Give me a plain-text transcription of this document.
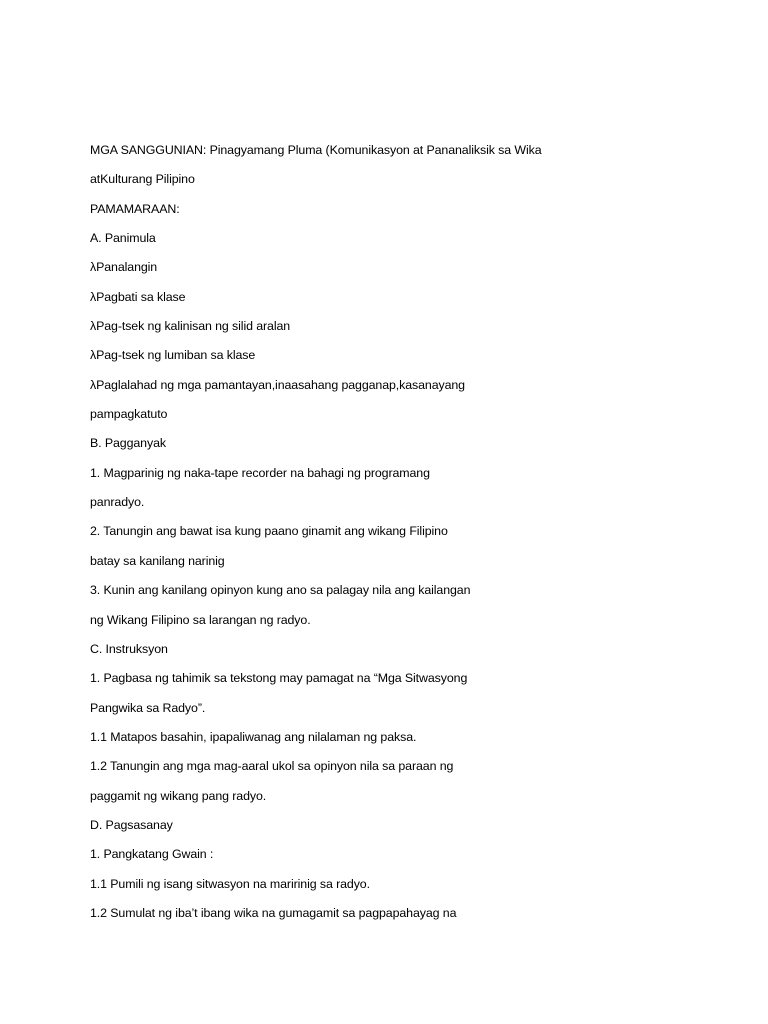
MGA SANGGUNIAN: Pinagyamang Pluma (Komunikasyon at Pananaliksik sa Wika
atKulturang Pilipino
PAMAMARAAN:
A. Panimula
λPanalangin
λPagbati sa klase
λPag-tsek ng kalinisan ng silid aralan
λPag-tsek ng lumiban sa klase
λPaglalahad ng mga pamantayan,inaasahang pagganap,kasanayang
pampagkatuto
B. Pagganyak
1. Magparinig ng naka-tape recorder na bahagi ng programang
panradyo.
2. Tanungin ang bawat isa kung paano ginamit ang wikang Filipino
batay sa kanilang narinig
3. Kunin ang kanilang opinyon kung ano sa palagay nila ang kailangan
ng Wikang Filipino sa larangan ng radyo.
C. Instruksyon
1. Pagbasa ng tahimik sa tekstong may pamagat na “Mga Sitwasyong
Pangwika sa Radyo”.
1.1 Matapos basahin, ipapaliwanag ang nilalaman ng paksa.
1.2 Tanungin ang mga mag-aaral ukol sa opinyon nila sa paraan ng
paggamit ng wikang pang radyo.
D. Pagsasanay
1. Pangkatang Gwain :
1.1 Pumili ng isang sitwasyon na maririnig sa radyo.
1.2 Sumulat ng iba’t ibang wika na gumagamit sa pagpapahayag na
